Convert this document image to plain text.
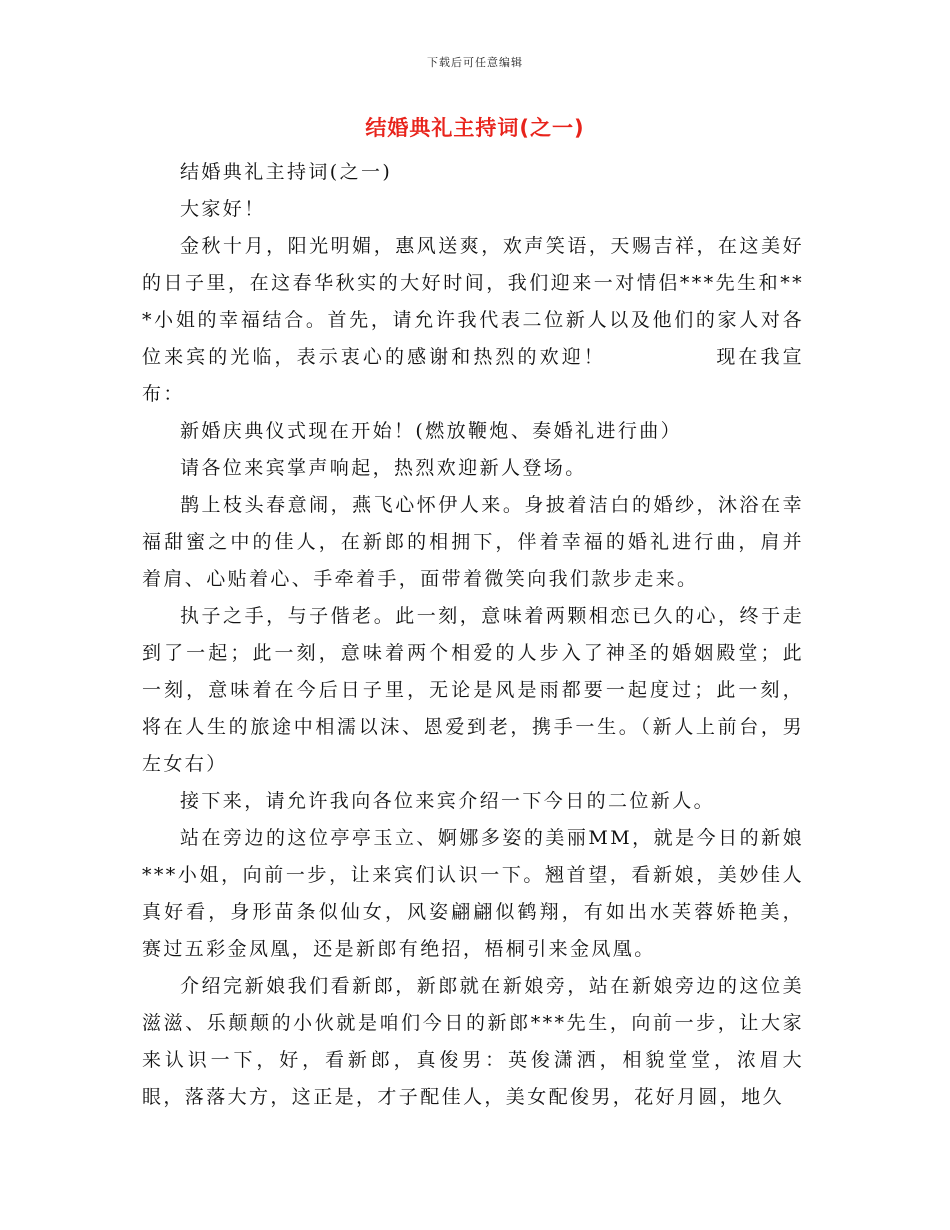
下载后可任意编辑
结婚典礼主持词(之一)

结婚典礼主持词(之一)

大家好！

金秋十月，阳光明媚，惠风送爽，欢声笑语，天赐吉祥，在这美好的日子里，在这春华秋实的大好时间，我们迎来一对情侣***先生和***小姐的幸福结合。首先，请允许我代表二位新人以及他们的家人对各位来宾的光临，表示衷心的感谢和热烈的欢迎！　　　　　现在我宣布：

新婚庆典仪式现在开始！(燃放鞭炮、奏婚礼进行曲）

请各位来宾掌声响起，热烈欢迎新人登场。

鹊上枝头春意闹，燕飞心怀伊人来。身披着洁白的婚纱，沐浴在幸福甜蜜之中的佳人，在新郎的相拥下，伴着幸福的婚礼进行曲，肩并着肩、心贴着心、手牵着手，面带着微笑向我们款步走来。

执子之手，与子偕老。此一刻，意味着两颗相恋已久的心，终于走到了一起；此一刻，意味着两个相爱的人步入了神圣的婚姻殿堂；此一刻，意味着在今后日子里，无论是风是雨都要一起度过；此一刻，将在人生的旅途中相濡以沫、恩爱到老，携手一生。（新人上前台，男左女右）

接下来，请允许我向各位来宾介绍一下今日的二位新人。

站在旁边的这位亭亭玉立、婀娜多姿的美丽MM，就是今日的新娘***小姐，向前一步，让来宾们认识一下。翘首望，看新娘，美妙佳人真好看，身形苗条似仙女，风姿翩翩似鹤翔，有如出水芙蓉娇艳美，赛过五彩金凤凰，还是新郎有绝招，梧桐引来金凤凰。

介绍完新娘我们看新郎，新郎就在新娘旁，站在新娘旁边的这位美滋滋、乐颠颠的小伙就是咱们今日的新郎***先生，向前一步，让大家来认识一下，好，看新郎，真俊男：英俊潇洒，相貌堂堂，浓眉大眼，落落大方，这正是，才子配佳人，美女配俊男，花好月圆，地久
